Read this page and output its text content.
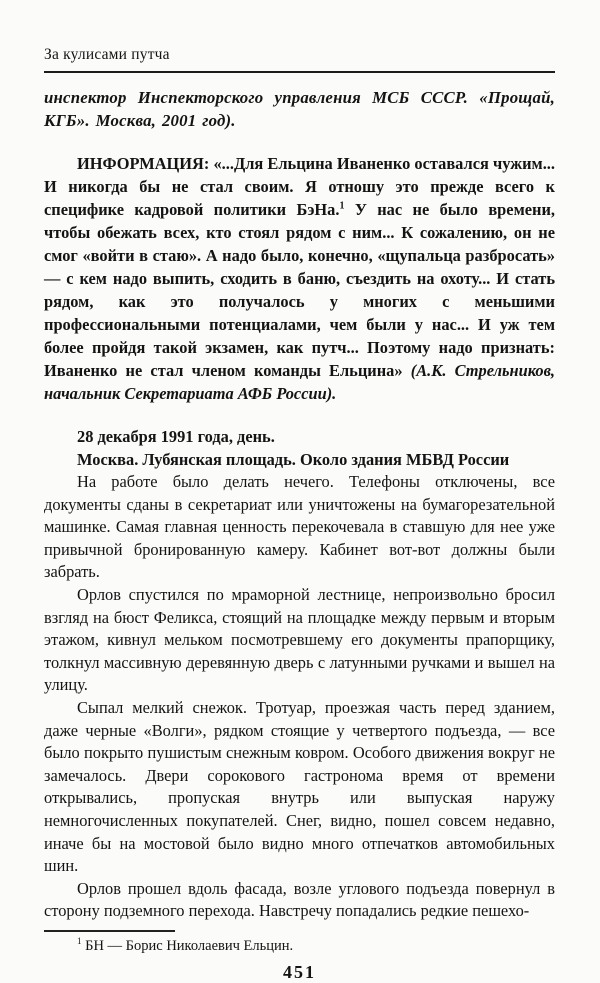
За кулисами путча

инспектор Инспекторского управления МСБ СССР. «Прощай, КГБ». Москва, 2001 год).

ИНФОРМАЦИЯ: «...Для Ельцина Иваненко оставался чужим... И никогда бы не стал своим. Я отношу это прежде всего к специфике кадровой политики БэНа.$^1$ У нас не было времени, чтобы обежать всех, кто стоял рядом с ним... К сожалению, он не смог «войти в стаю». А надо было, конечно, «щупальца разбросать» — с кем надо выпить, сходить в баню, съездить на охоту... И стать рядом, как это получалось у многих с меньшими профессиональными потенциалами, чем были у нас... И уж тем более пройдя такой экзамен, как путч... Поэтому надо признать: Иваненко не стал членом команды Ельцина» (А.К. Стрельников, начальник Секретариата АФБ России).

28 декабря 1991 года, день.

Москва. Лубянская площадь. Около здания МБВД России

На работе было делать нечего. Телефоны отключены, все документы сданы в секретариат или уничтожены на бумагорезательной машинке. Самая главная ценность перекочевала в ставшую для нее уже привычной бронированную камеру. Кабинет вот-вот должны были забрать.

Орлов спустился по мраморной лестнице, непроизвольно бросил взгляд на бюст Феликса, стоящий на площадке между первым и вторым этажом, кивнул мельком посмотревшему его документы прапорщику, толкнул массивную деревянную дверь с латунными ручками и вышел на улицу.

Сыпал мелкий снежок. Тротуар, проезжая часть перед зданием, даже черные «Волги», рядком стоящие у четвертого подъезда, — все было покрыто пушистым снежным ковром. Особого движения вокруг не замечалось. Двери сорокового гастронома время от времени открывались, пропуская внутрь или выпуская наружу немногочисленных покупателей. Снег, видно, пошел совсем недавно, иначе бы на мостовой было видно много отпечатков автомобильных шин.

Орлов прошел вдоль фасада, возле углового подъезда повернул в сторону подземного перехода. Навстречу попадались редкие пешехо-

$^1$ БН — Борис Николаевич Ельцин.

451
